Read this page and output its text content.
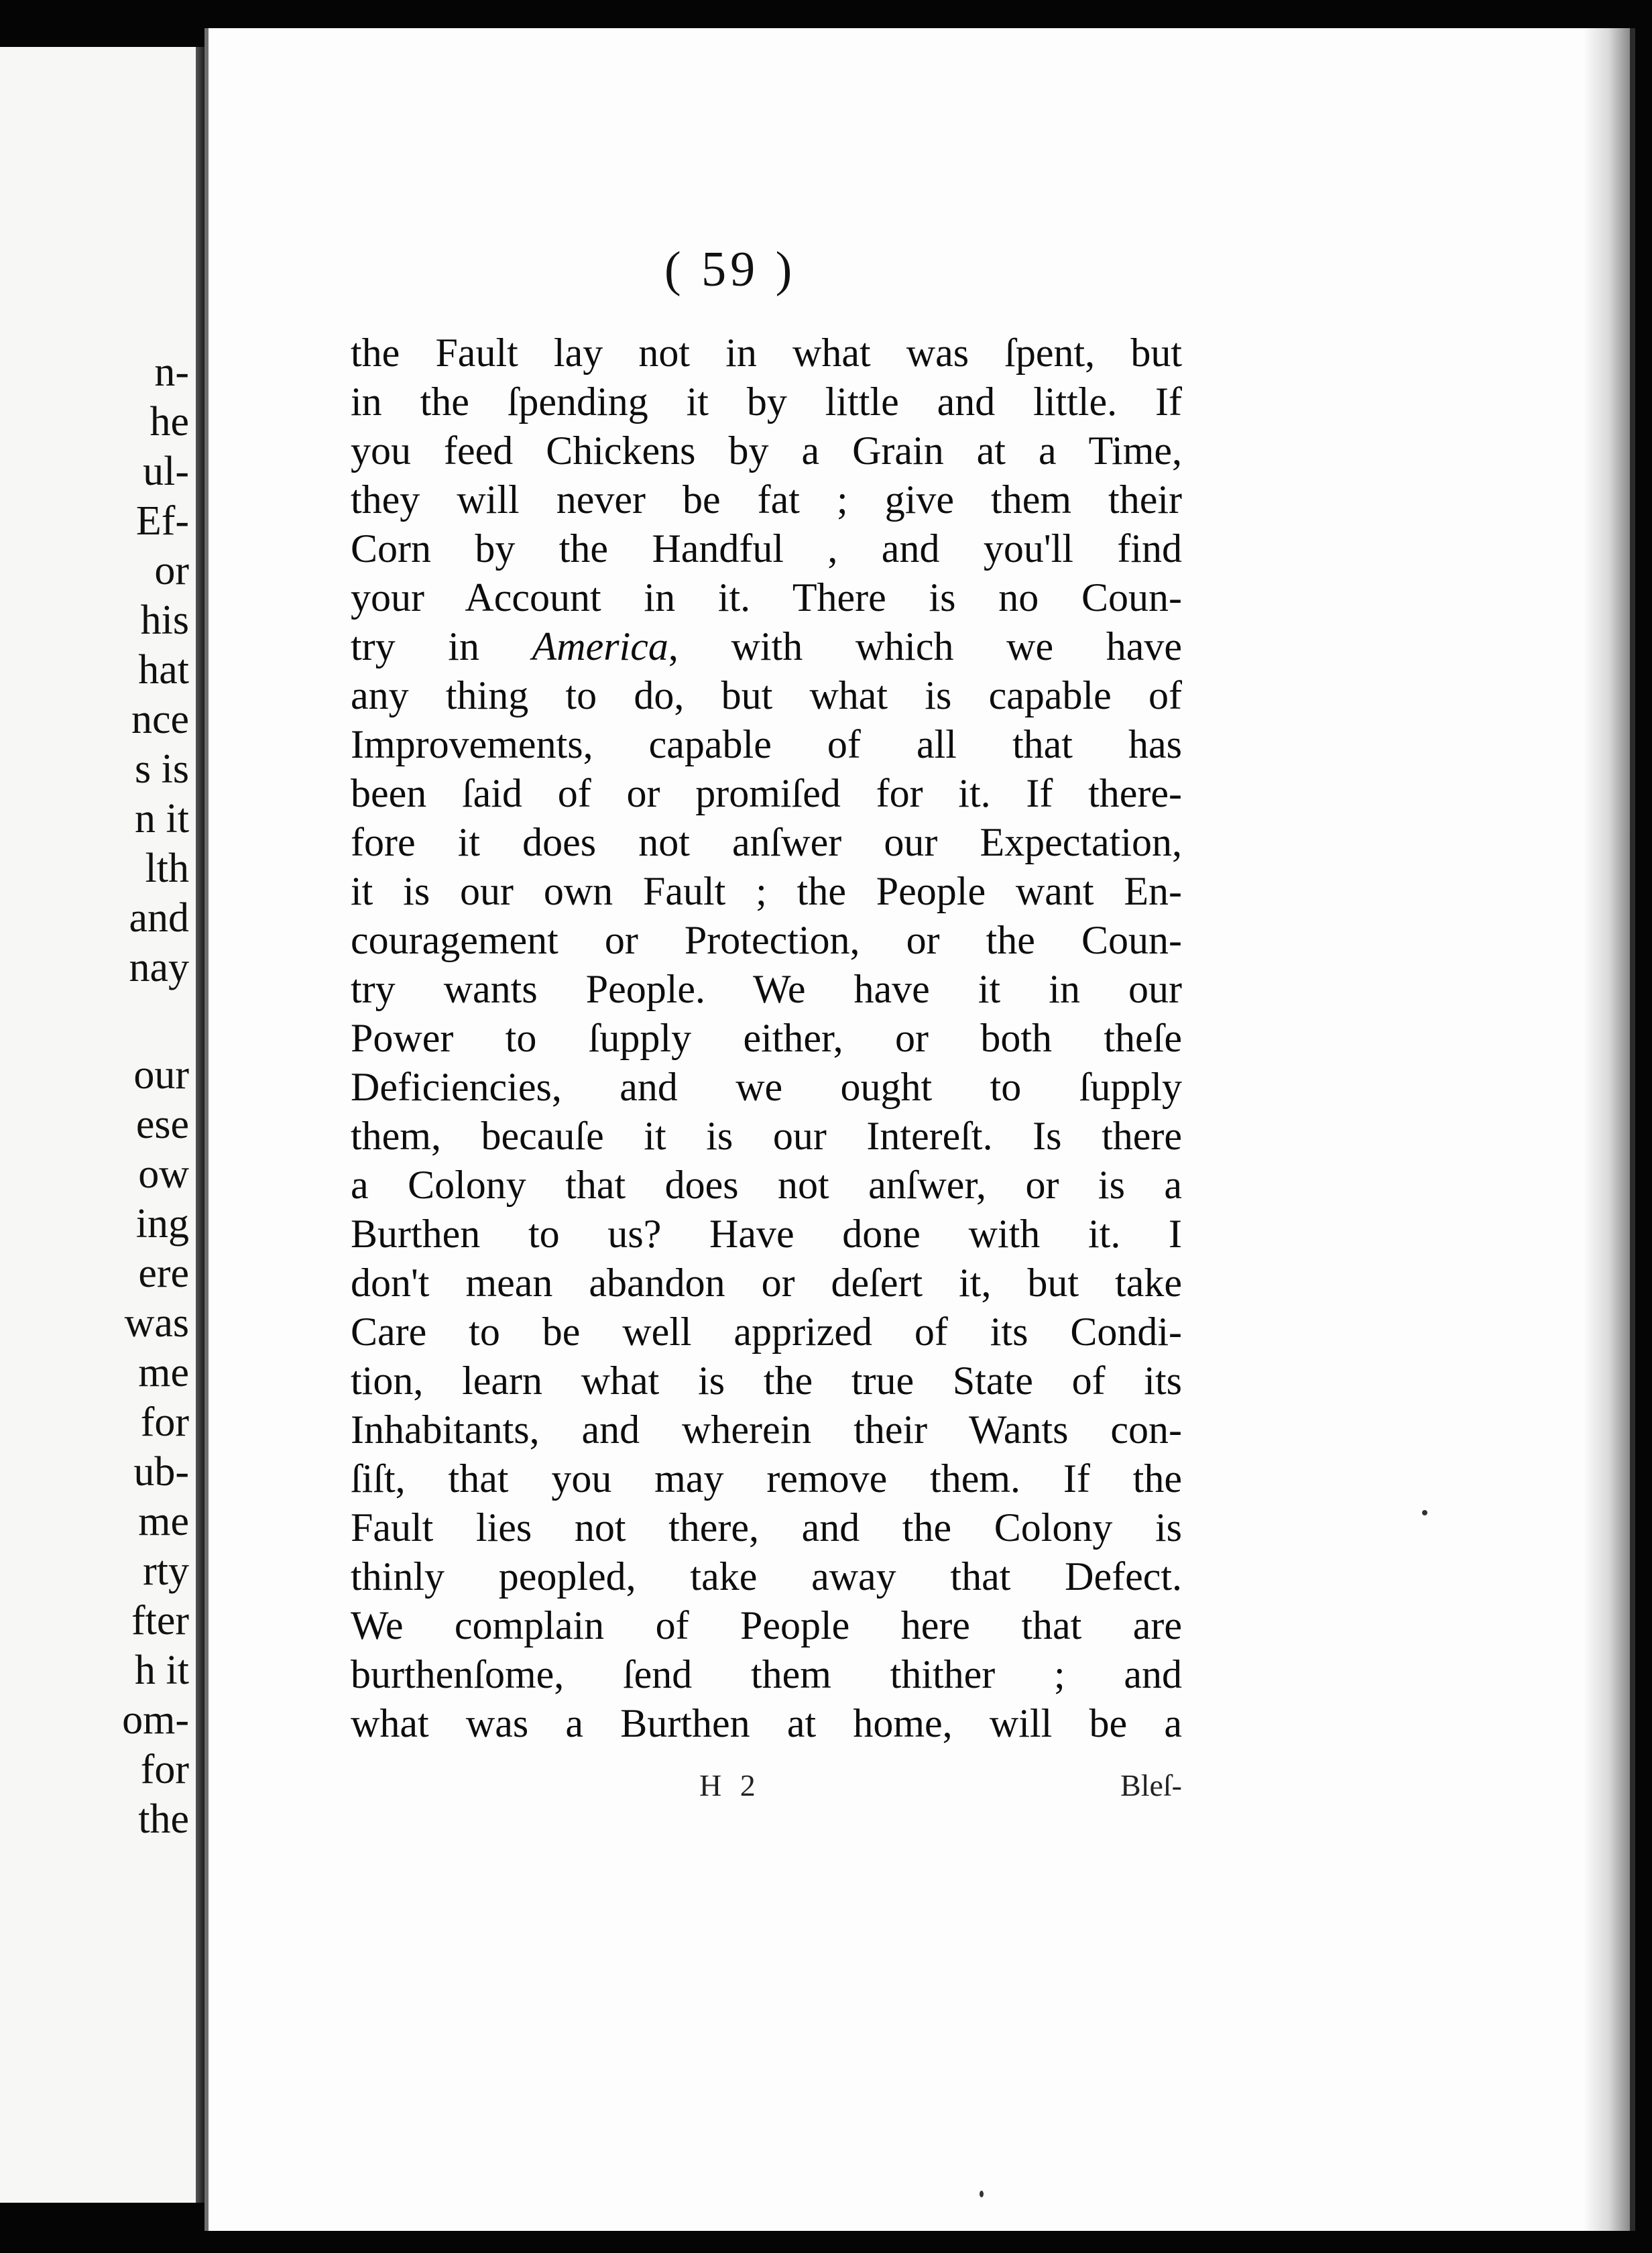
n-
he
ul-
Ef-
or
his
hat
nce
s is
n it
lth
and
nay
our
ese
ow
ing
ere
was
me
for
ub-
me
rty
fter
h it
om-
for
the
( 59 )
the Fault lay not in what was ſpent, but
in the ſpending it by little and little. If
you feed Chickens by a Grain at a Time,
they will never be fat ; give them their
Corn by the Handful , and you'll find
your Account in it. There is no Coun-
try in America, with which we have
any thing to do, but what is capable of
Improvements, capable of all that has
been ſaid of or promiſed for it. If there-
fore it does not anſwer our Expectation,
it is our own Fault ; the People want En-
couragement or Protection, or the Coun-
try wants People. We have it in our
Power to ſupply either, or both theſe
Deficiencies, and we ought to ſupply
them, becauſe it is our Intereſt. Is there
a Colony that does not anſwer, or is a
Burthen to us? Have done with it. I
don't mean abandon or deſert it, but take
Care to be well apprized of its Condi-
tion, learn what is the true State of its
Inhabitants, and wherein their Wants con-
ſiſt, that you may remove them. If the
Fault lies not there, and the Colony is
thinly peopled, take away that Defect.
We complain of People here that are
burthenſome, ſend them thither ; and
what was a Burthen at home, will be a
H 2	Bleſ-
